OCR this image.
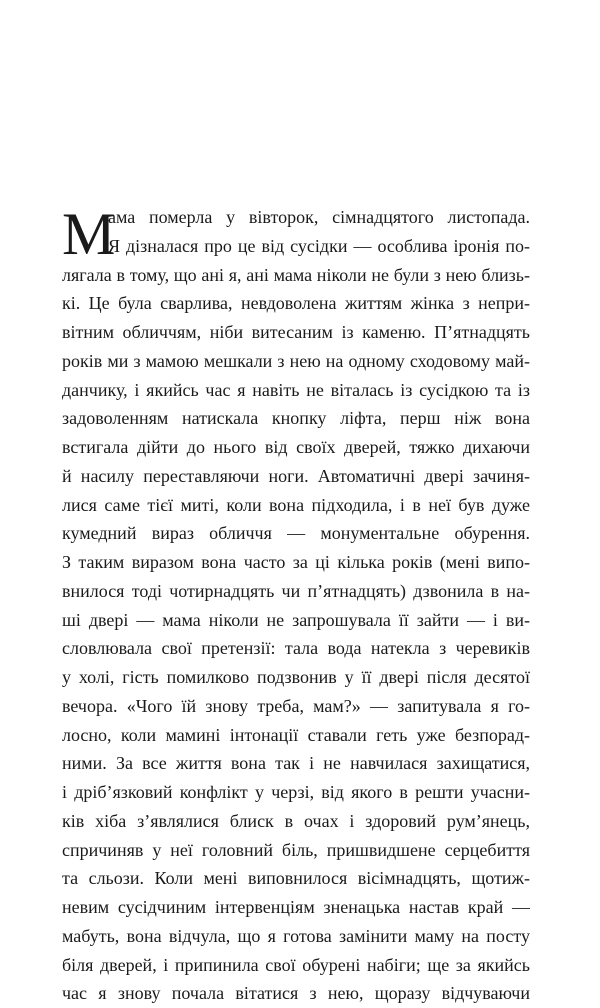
М
ама померла у вівторок, сімнадцятого листопада.
Я дізналася про це від сусідки — особлива іронія по-
лягала в тому, що ані я, ані мама ніколи не були з нею близь-
кі. Це була сварлива, невдоволена життям жінка з непри-
вітним обличчям, ніби витесаним із каменю. П’ятнадцять
років ми з мамою мешкали з нею на одному сходовому май-
данчику, і якийсь час я навіть не віталась із сусідкою та із
задоволенням натискала кнопку ліфта, перш ніж вона
встигала дійти до нього від своїх дверей, тяжко дихаючи
й насилу переставляючи ноги. Автоматичні двері зачиня-
лися саме тієї миті, коли вона підходила, і в неї був дуже
кумедний вираз обличчя — монументальне обурення.
З таким виразом вона часто за ці кілька років (мені випо-
внилося тоді чотирнадцять чи п’ятнадцять) дзвонила в на-
ші двері — мама ніколи не запрошувала її зайти — і ви-
словлювала свої претензії: тала вода натекла з черевиків
у холі, гість помилково подзвонив у її двері після десятої
вечора. «Чого їй знову треба, мам?» — запитувала я го-
лосно, коли мамині інтонації ставали геть уже безпорад-
ними. За все життя вона так і не навчилася захищатися,
і дріб’язковий конфлікт у черзі, від якого в решти учасни-
ків хіба з’являлися блиск в очах і здоровий рум’янець,
спричиняв у неї головний біль, пришвидшене серцебиття
та сльози. Коли мені виповнилося вісімнадцять, щотиж-
невим сусідчиним інтервенціям зненацька настав край —
мабуть, вона відчула, що я готова замінити маму на посту
біля дверей, і припинила свої обурені набіги; ще за якийсь
час я знову почала вітатися з нею, щоразу відчуваючи
